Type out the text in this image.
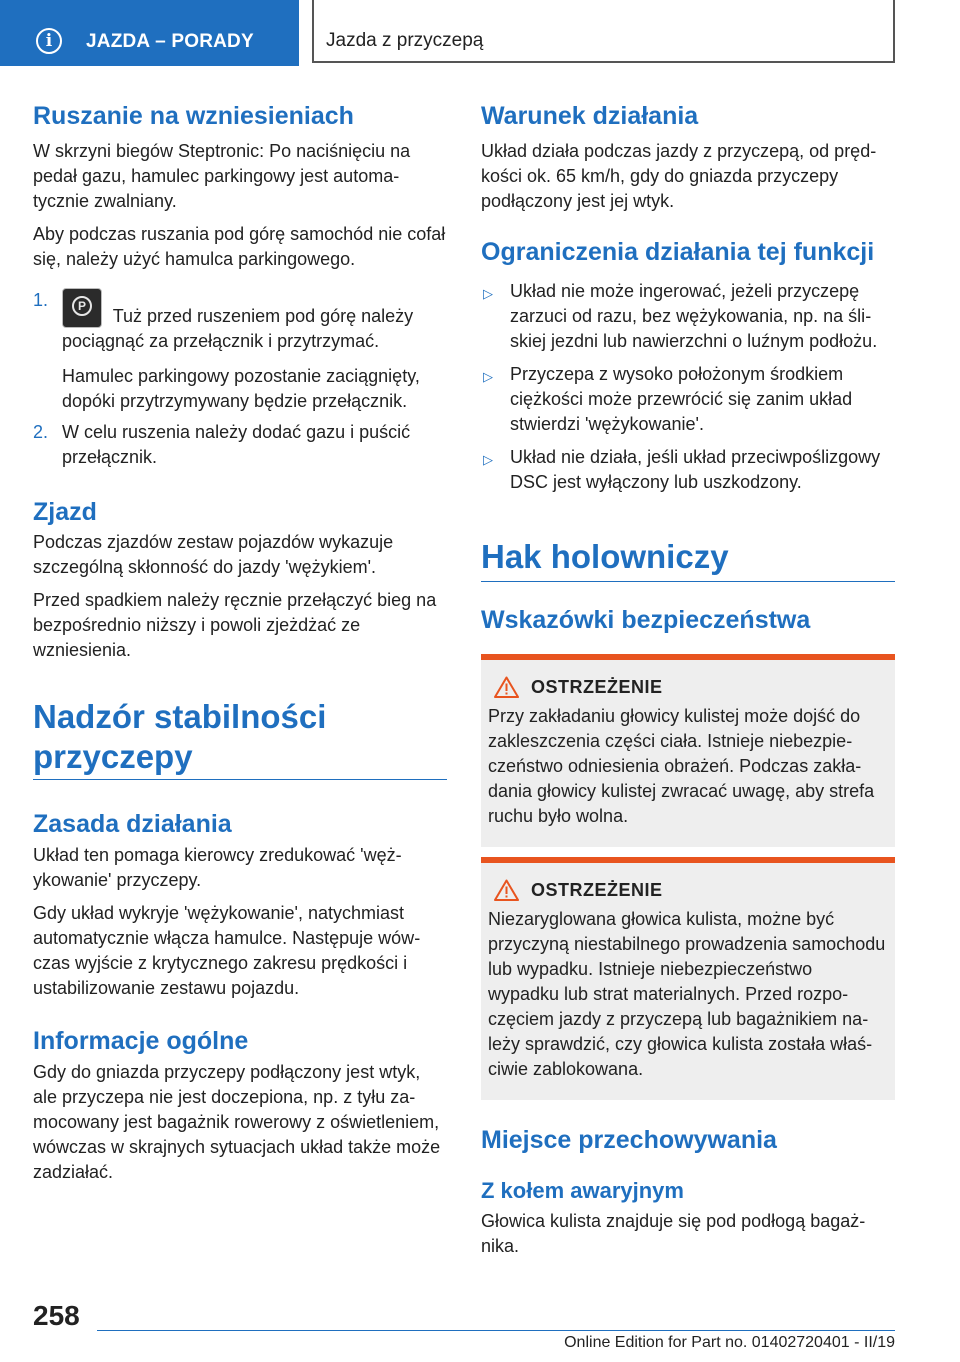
i	JAZDA – PORADY	Jazda z przyczepą
Ruszanie na wzniesieniach

W skrzyni biegów Steptronic: Po naciśnięciu na pedał gazu, hamulec parkingowy jest automatycznie zwalniany.

Aby podczas ruszania pod górę samochód nie cofał się, należy użyć hamulca parkingowego.

1.
P Tuż przed ruszeniem pod górę należy pociągnąć za przełącznik i przytrzymać.

Hamulec parkingowy pozostanie zaciągnięty, dopóki przytrzymywany będzie przełącznik.

2. W celu ruszenia należy dodać gazu i puścić przełącznik.
Zjazd

Podczas zjazdów zestaw pojazdów wykazuje szczególną skłonność do jazdy 'wężykiem'.

Przed spadkiem należy ręcznie przełączyć bieg na bezpośrednio niższy i powoli zjeżdżać ze wzniesienia.

Nadzór stabilności przyczepy
Zasada działania

Układ ten pomaga kierowcy zredukować 'wężykowanie' przyczepy.

Gdy układ wykryje 'wężykowanie', natychmiast automatycznie włącza hamulce. Następuje wówczas wyjście z krytycznego zakresu prędkości i ustabilizowanie zestawu pojazdu.

Informacje ogólne

Gdy do gniazda przyczepy podłączony jest wtyk, ale przyczepa nie jest doczepiona, np. z tyłu zamocowany jest bagażnik rowerowy z oświetleniem, wówczas w skrajnych sytuacjach układ także może zadziałać.

Warunek działania

Układ działa podczas jazdy z przyczepą, od prędkości ok. 65 km/h, gdy do gniazda przyczepy podłączony jest jej wtyk.

Ograniczenia działania tej funkcji
▷ Układ nie może ingerować, jeżeli przyczepę zarzuci od razu, bez wężykowania, np. na śliskiej jezdni lub nawierzchni o luźnym podłożu.
▷ Przyczepa z wysoko położonym środkiem ciężkości może przewrócić się zanim układ stwierdzi 'wężykowanie'.
▷ Układ nie działa, jeśli układ przeciwpoślizgowy DSC jest wyłączony lub uszkodzony.
Hak holowniczy
Wskazówki bezpieczeństwa
OSTRZEŻENIE

Przy zakładaniu głowicy kulistej może dojść do zakleszczenia części ciała. Istnieje niebezpieczeństwo odniesienia obrażeń. Podczas zakładania głowicy kulistej zwracać uwagę, aby strefa ruchu było wolna.

OSTRZEŻENIE

Niezaryglowana głowica kulista, możne być przyczyną niestabilnego prowadzenia samochodu lub wypadku. Istnieje niebezpieczeństwo wypadku lub strat materialnych. Przed rozpoczęciem jazdy z przyczepą lub bagażnikiem należy sprawdzić, czy głowica kulista została właściwie zablokowana.

Miejsce przechowywania
Z kołem awaryjnym

Głowica kulista znajduje się pod podłogą bagażnika.

258
Online Edition for Part no. 01402720401 - II/19
